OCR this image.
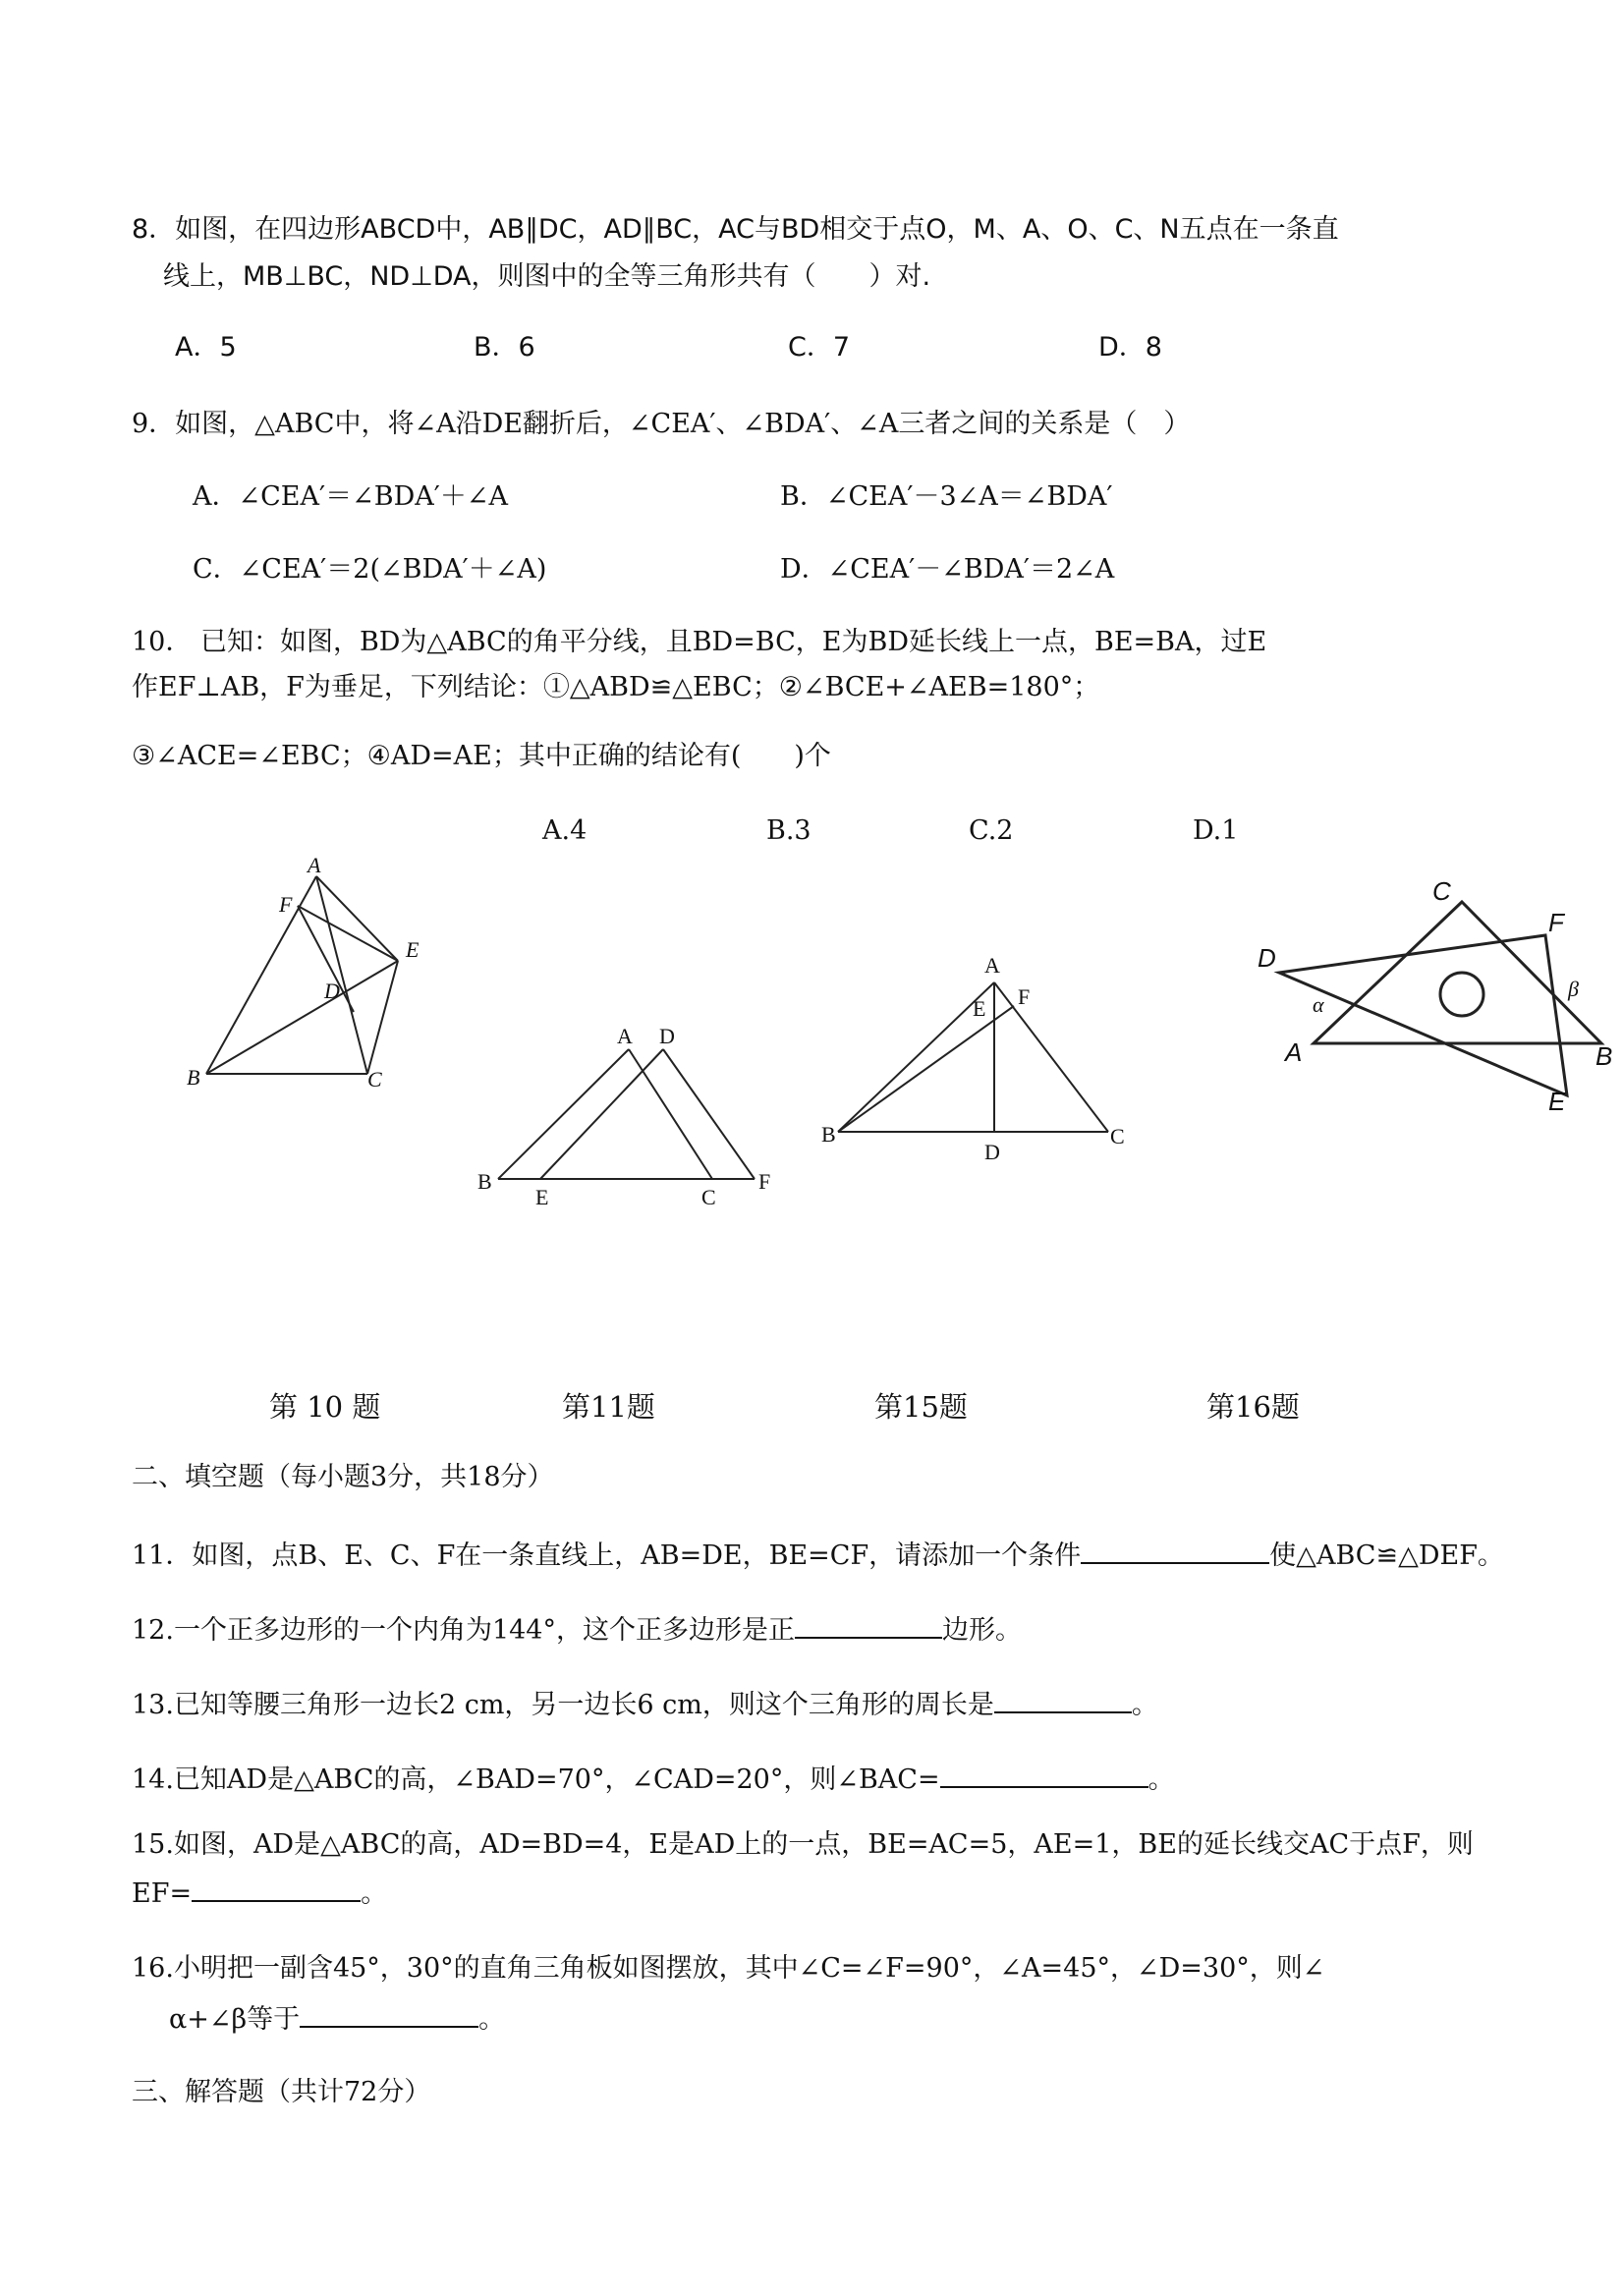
8．如图，在四边形ABCD中，AB∥DC，AD∥BC，AC与BD相交于点O，M、A、O、C、N五点在一条直
线上，MB⊥BC，ND⊥DA，则图中的全等三角形共有（　　）对.
A．5	B．6	C．7	D．8
9．如图，△ABC中，将∠A沿DE翻折后，∠CEA′、∠BDA′、∠A三者之间的关系是（　）
A．∠CEA′＝∠BDA′＋∠A	B．∠CEA′－3∠A＝∠BDA′
C．∠CEA′＝2(∠BDA′＋∠A)	D．∠CEA′－∠BDA′＝2∠A
10． 已知：如图，BD为△ABC的角平分线，且BD=BC，E为BD延长线上一点，BE=BA，过E
作EF⊥AB，F为垂足，下列结论：①△ABD≌△EBC；②∠BCE+∠AEB=180°；
③∠ACE=∠EBC；④AD=AE；其中正确的结论有(　　)个
A.4	B.3	C.2	D.1
A
F
E
D
B	C
A D
B
E	C
F
A
E F
B
D
C
C
F
D
α
β
A	B
E
第 10 题	第11题	第15题	第16题
二、填空题（每小题3分，共18分）
11．如图，点B、E、C、F在一条直线上，AB=DE，BE=CF，请添加一个条件	使△ABC≌△DEF。
12.一个正多边形的一个内角为144°，这个正多边形是正	边形。
13.已知等腰三角形一边长2 cm，另一边长6 cm，则这个三角形的周长是	。
14.已知AD是△ABC的高，∠BAD=70°，∠CAD=20°，则∠BAC=	。
15.如图，AD是△ABC的高，AD=BD=4，E是AD上的一点，BE=AC=5，AE=1，BE的延长线交AC于点F，则
EF=	。
16.小明把一副含45°，30°的直角三角板如图摆放，其中∠C=∠F=90°，∠A=45°，∠D=30°，则∠
α+∠β等于	。
三、解答题（共计72分）
